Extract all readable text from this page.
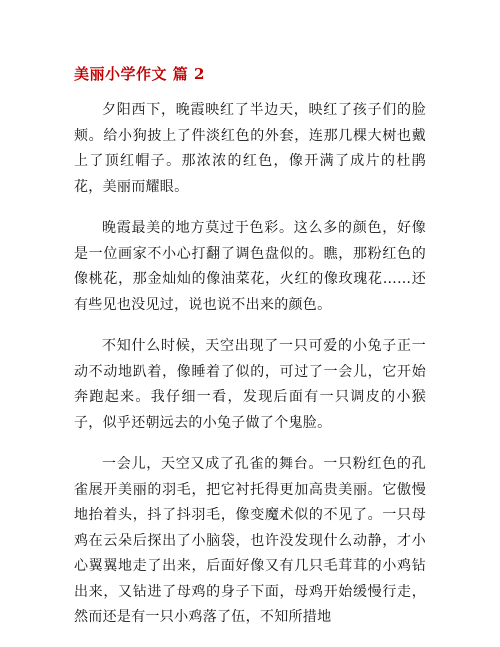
美丽小学作文 篇 2

夕阳西下，晚霞映红了半边天，映红了孩子们的脸颊。给小狗披上了件淡红色的外套，连那几棵大树也戴上了顶红帽子。那浓浓的红色，像开满了成片的杜鹃花，美丽而耀眼。

晚霞最美的地方莫过于色彩。这么多的颜色，好像是一位画家不小心打翻了调色盘似的。瞧，那粉红色的像桃花，那金灿灿的像油菜花，火红的像玫瑰花……还有些见也没见过，说也说不出来的颜色。

不知什么时候，天空出现了一只可爱的小兔子正一动不动地趴着，像睡着了似的，可过了一会儿，它开始奔跑起来。我仔细一看，发现后面有一只调皮的小猴子，似乎还朝远去的小兔子做了个鬼脸。

一会儿，天空又成了孔雀的舞台。一只粉红色的孔雀展开美丽的羽毛，把它衬托得更加高贵美丽。它傲慢地抬着头，抖了抖羽毛，像变魔术似的不见了。一只母鸡在云朵后探出了小脑袋，也许没发现什么动静，才小心翼翼地走了出来，后面好像又有几只毛茸茸的小鸡钻出来，又钻进了母鸡的身子下面，母鸡开始缓慢行走，然而还是有一只小鸡落了伍，不知所措地
